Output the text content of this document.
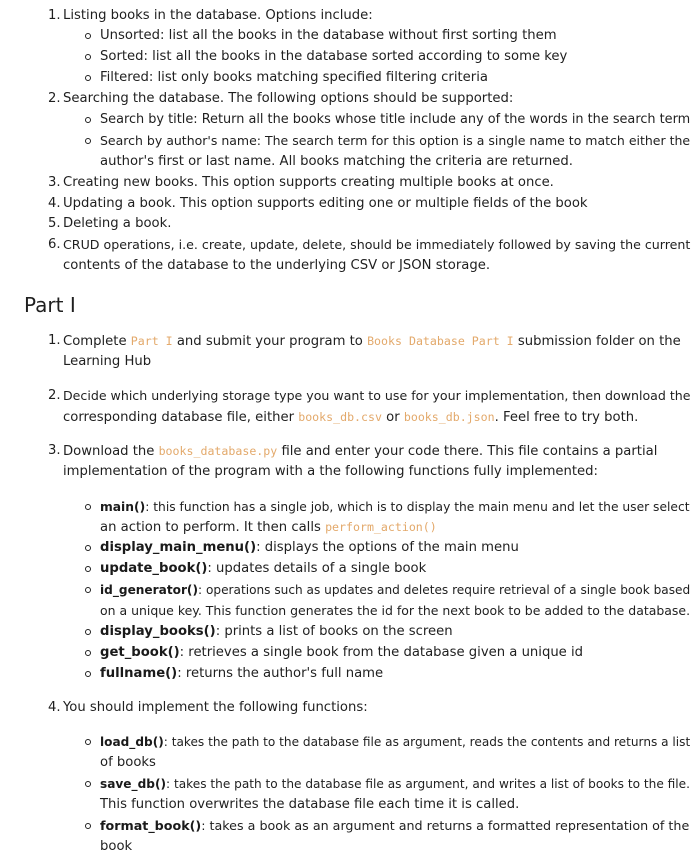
1. Listing books in the database. Options include:
Unsorted: list all the books in the database without first sorting them
Sorted: list all the books in the database sorted according to some key
Filtered: list only books matching specified filtering criteria
2. Searching the database. The following options should be supported:
Search by title: Return all the books whose title include any of the words in the search term
Search by author's name: The search term for this option is a single name to match either the
author's first or last name. All books matching the criteria are returned.
3. Creating new books. This option supports creating multiple books at once.
4. Updating a book. This option supports editing one or multiple fields of the book
5. Deleting a book.
6. CRUD operations, i.e. create, update, delete, should be immediately followed by saving the current
contents of the database to the underlying CSV or JSON storage.
Part I
1. Complete Part I and submit your program to Books Database Part I submission folder on the
Learning Hub
2. Decide which underlying storage type you want to use for your implementation, then download the
corresponding database file, either books_db.csv or books_db.json. Feel free to try both.
3. Download the books_database.py file and enter your code there. This file contains a partial
implementation of the program with a the following functions fully implemented:
main(): this function has a single job, which is to display the main menu and let the user select
an action to perform. It then calls perform_action()
display_main_menu(): displays the options of the main menu
update_book(): updates details of a single book
id_generator(): operations such as updates and deletes require retrieval of a single book based
on a unique key. This function generates the id for the next book to be added to the database.
display_books(): prints a list of books on the screen
get_book(): retrieves a single book from the database given a unique id
fullname(): returns the author's full name
4. You should implement the following functions:
load_db(): takes the path to the database file as argument, reads the contents and returns a list
of books
save_db(): takes the path to the database file as argument, and writes a list of books to the file.
This function overwrites the database file each time it is called.
format_book(): takes a book as an argument and returns a formatted representation of the
book
